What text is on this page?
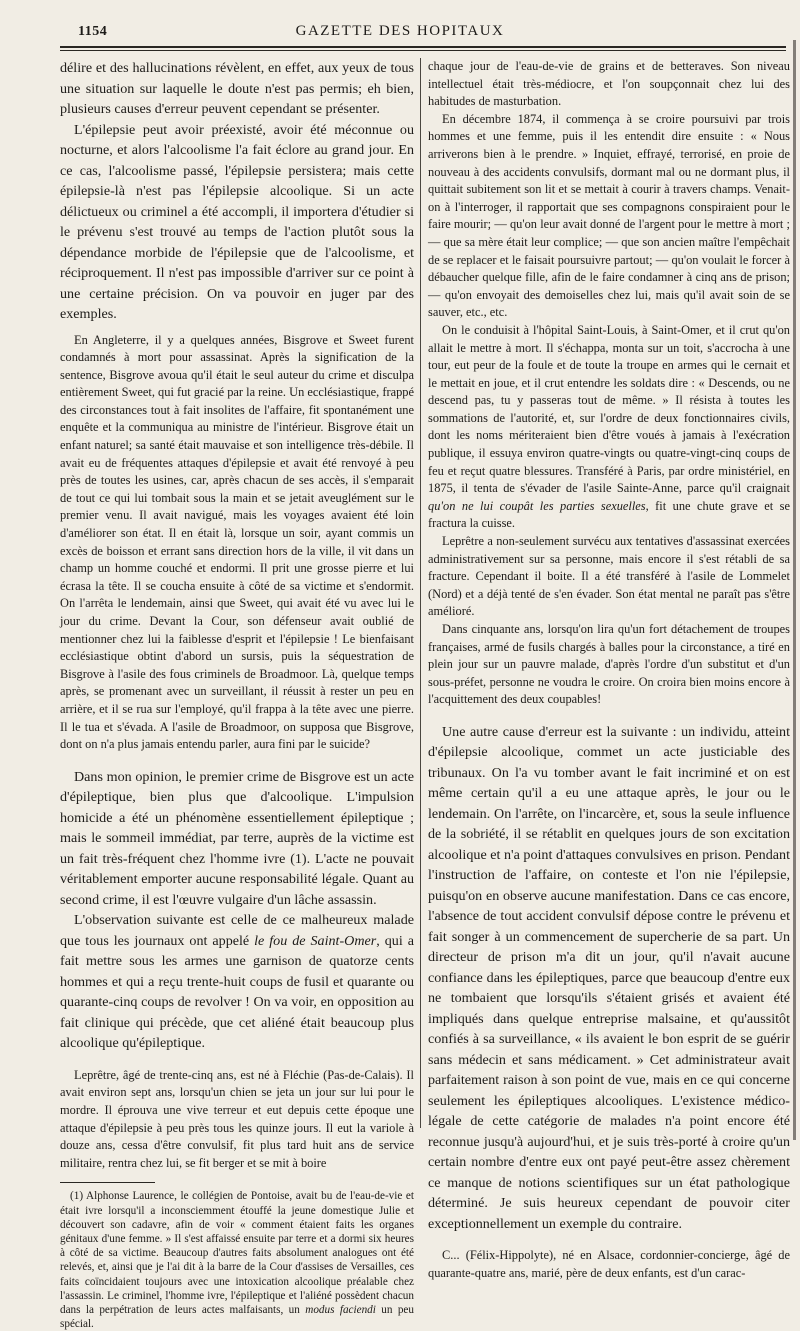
1154	GAZETTE DES HOPITAUX

délire et des hallucinations révèlent, en effet, aux yeux de tous une situation sur laquelle le doute n'est pas permis; eh bien, plusieurs causes d'erreur peuvent cependant se présenter.

L'épilepsie peut avoir préexisté, avoir été méconnue ou nocturne, et alors l'alcoolisme l'a fait éclore au grand jour. En ce cas, l'alcoolisme passé, l'épilepsie persistera; mais cette épilepsie-là n'est pas l'épilepsie alcoolique. Si un acte délictueux ou criminel a été accompli, il importera d'étudier si le prévenu s'est trouvé au temps de l'action plutôt sous la dépendance morbide de l'épilepsie que de l'alcoolisme, et réciproquement. Il n'est pas impossible d'arriver sur ce point à une certaine précision. On va pouvoir en juger par des exemples.

En Angleterre, il y a quelques années, Bisgrove et Sweet furent condamnés à mort pour assassinat. Après la signification de la sentence, Bisgrove avoua qu'il était le seul auteur du crime et disculpa entièrement Sweet, qui fut gracié par la reine. Un ecclésiastique, frappé des circonstances tout à fait insolites de l'affaire, fit spontanément une enquête et la communiqua au ministre de l'intérieur. Bisgrove était un enfant naturel; sa santé était mauvaise et son intelligence très-débile. Il avait eu de fréquentes attaques d'épilepsie et avait été renvoyé à peu près de toutes les usines, car, après chacun de ses accès, il s'emparait de tout ce qui lui tombait sous la main et se jetait aveuglément sur le premier venu. Il avait navigué, mais les voyages avaient été loin d'améliorer son état. Il en était là, lorsque un soir, ayant commis un excès de boisson et errant sans direction hors de la ville, il vit dans un champ un homme couché et endormi. Il prit une grosse pierre et lui écrasa la tête. Il se coucha ensuite à côté de sa victime et s'endormit. On l'arrêta le lendemain, ainsi que Sweet, qui avait été vu avec lui le jour du crime. Devant la Cour, son défenseur avait oublié de mentionner chez lui la faiblesse d'esprit et l'épilepsie ! Le bienfaisant ecclésiastique obtint d'abord un sursis, puis la séquestration de Bisgrove à l'asile des fous criminels de Broadmoor. Là, quelque temps après, se promenant avec un surveillant, il réussit à rester un peu en arrière, et il se rua sur l'employé, qu'il frappa à la tête avec une pierre. Il le tua et s'évada. A l'asile de Broadmoor, on supposa que Bisgrove, dont on n'a plus jamais entendu parler, aura fini par le suicide?

Dans mon opinion, le premier crime de Bisgrove est un acte d'épileptique, bien plus que d'alcoolique. L'impulsion homicide a été un phénomène essentiellement épileptique ; mais le sommeil immédiat, par terre, auprès de la victime est un fait très-fréquent chez l'homme ivre (1). L'acte ne pouvait véritablement emporter aucune responsabilité légale. Quant au second crime, il est l'œuvre vulgaire d'un lâche assassin.

L'observation suivante est celle de ce malheureux malade que tous les journaux ont appelé le fou de Saint-Omer, qui a fait mettre sous les armes une garnison de quatorze cents hommes et qui a reçu trente-huit coups de fusil et quarante ou quarante-cinq coups de revolver ! On va voir, en opposition au fait clinique qui précède, que cet aliéné était beaucoup plus alcoolique qu'épileptique.

Leprêtre, âgé de trente-cinq ans, est né à Fléchie (Pas-de-Calais). Il avait environ sept ans, lorsqu'un chien se jeta un jour sur lui pour le mordre. Il éprouva une vive terreur et eut depuis cette époque une attaque d'épilepsie à peu près tous les quinze jours. Il eut la variole à douze ans, cessa d'être convulsif, fit plus tard huit ans de service militaire, rentra chez lui, se fit berger et se mit à boire

(1) Alphonse Laurence, le collégien de Pontoise, avait bu de l'eau-de-vie et était ivre lorsqu'il a inconsciemment étouffé la jeune domestique Julie et découvert son cadavre, afin de voir « comment étaient faits les organes génitaux d'une femme. » Il s'est affaissé ensuite par terre et a dormi six heures à côté de sa victime. Beaucoup d'autres faits absolument analogues ont été relevés, et, ainsi que je l'ai dit à la barre de la Cour d'assises de Versailles, ces faits coïncidaient toujours avec une intoxication alcoolique préalable chez l'assassin. Le criminel, l'homme ivre, l'épileptique et l'aliéné possèdent chacun dans la perpétration de leurs actes malfaisants, un modus faciendi un peu spécial.

chaque jour de l'eau-de-vie de grains et de betteraves. Son niveau intellectuel était très-médiocre, et l'on soupçonnait chez lui des habitudes de masturbation.

En décembre 1874, il commença à se croire poursuivi par trois hommes et une femme, puis il les entendit dire ensuite : « Nous arriverons bien à le prendre. » Inquiet, effrayé, terrorisé, en proie de nouveau à des accidents convulsifs, dormant mal ou ne dormant plus, il quittait subitement son lit et se mettait à courir à travers champs. Venait-on à l'interroger, il rapportait que ses compagnons conspiraient pour le faire mourir; — qu'on leur avait donné de l'argent pour le mettre à mort ; — que sa mère était leur complice; — que son ancien maître l'empêchait de se replacer et le faisait poursuivre partout; — qu'on voulait le forcer à débaucher quelque fille, afin de le faire condamner à cinq ans de prison; — qu'on envoyait des demoiselles chez lui, mais qu'il avait soin de se sauver, etc., etc.

On le conduisit à l'hôpital Saint-Louis, à Saint-Omer, et il crut qu'on allait le mettre à mort. Il s'échappa, monta sur un toit, s'accrocha à une tour, eut peur de la foule et de toute la troupe en armes qui le cernait et le mettait en joue, et il crut entendre les soldats dire : « Descends, ou ne descend pas, tu y passeras tout de même. » Il résista à toutes les sommations de l'autorité, et, sur l'ordre de deux fonctionnaires civils, dont les noms mériteraient bien d'être voués à jamais à l'exécration publique, il essuya environ quatre-vingts ou quatre-vingt-cinq coups de feu et reçut quatre blessures. Transféré à Paris, par ordre ministériel, en 1875, il tenta de s'évader de l'asile Sainte-Anne, parce qu'il craignait qu'on ne lui coupât les parties sexuelles, fit une chute grave et se fractura la cuisse.

Leprêtre a non-seulement survécu aux tentatives d'assassinat exercées administrativement sur sa personne, mais encore il s'est rétabli de sa fracture. Cependant il boite. Il a été transféré à l'asile de Lommelet (Nord) et a déjà tenté de s'en évader. Son état mental ne paraît pas s'être amélioré.

Dans cinquante ans, lorsqu'on lira qu'un fort détachement de troupes françaises, armé de fusils chargés à balles pour la circonstance, a tiré en plein jour sur un pauvre malade, d'après l'ordre d'un substitut et d'un sous-préfet, personne ne voudra le croire. On croira bien moins encore à l'acquittement des deux coupables!

Une autre cause d'erreur est la suivante : un individu, atteint d'épilepsie alcoolique, commet un acte justiciable des tribunaux. On l'a vu tomber avant le fait incriminé et on est même certain qu'il a eu une attaque après, le jour ou le lendemain. On l'arrête, on l'incarcère, et, sous la seule influence de la sobriété, il se rétablit en quelques jours de son excitation alcoolique et n'a point d'attaques convulsives en prison. Pendant l'instruction de l'affaire, on conteste et l'on nie l'épilepsie, puisqu'on en observe aucune manifestation. Dans ce cas encore, l'absence de tout accident convulsif dépose contre le prévenu et fait songer à un commencement de supercherie de sa part. Un directeur de prison m'a dit un jour, qu'il n'avait aucune confiance dans les épileptiques, parce que beaucoup d'entre eux ne tombaient que lorsqu'ils s'étaient grisés et avaient été impliqués dans quelque entreprise malsaine, et qu'aussitôt confiés à sa surveillance, « ils avaient le bon esprit de se guérir sans médecin et sans médicament. » Cet administrateur avait parfaitement raison à son point de vue, mais en ce qui concerne seulement les épileptiques alcooliques. L'existence médico-légale de cette catégorie de malades n'a point encore été reconnue jusqu'à aujourd'hui, et je suis très-porté à croire qu'un certain nombre d'entre eux ont payé peut-être assez chèrement ce manque de notions scientifiques sur un état pathologique déterminé. Je suis heureux cependant de pouvoir citer exceptionnellement un exemple du contraire.

C... (Félix-Hippolyte), né en Alsace, cordonnier-concierge, âgé de quarante-quatre ans, marié, père de deux enfants, est d'un carac-
